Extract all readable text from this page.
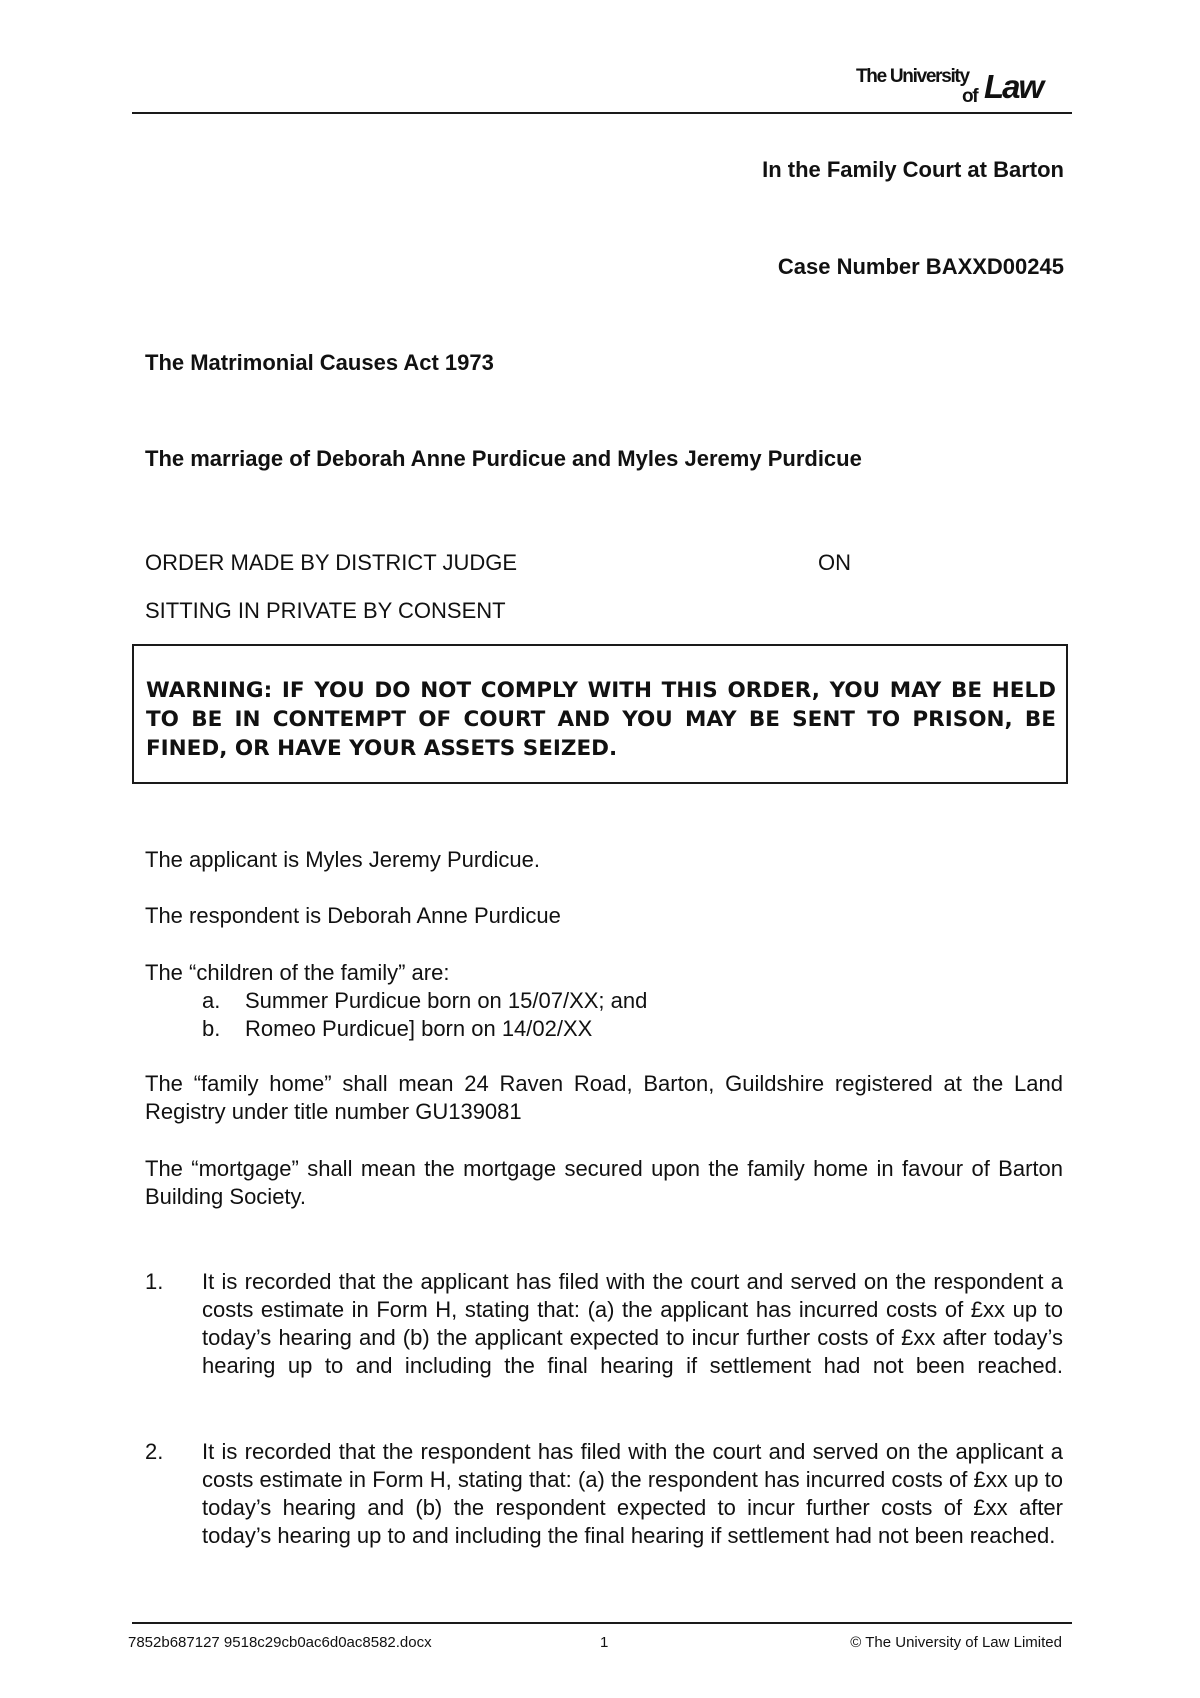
The University
of Law

In the Family Court at Barton

Case Number BAXXD00245

The Matrimonial Causes Act 1973

The marriage of Deborah Anne Purdicue and Myles Jeremy Purdicue

ORDER MADE BY DISTRICT JUDGE	ON

SITTING IN PRIVATE BY CONSENT

WARNING: IF YOU DO NOT COMPLY WITH THIS ORDER, YOU MAY BE HELD TO BE IN CONTEMPT OF COURT AND YOU MAY BE SENT TO PRISON, BE FINED, OR HAVE YOUR ASSETS SEIZED.

The applicant is Myles Jeremy Purdicue.

The respondent is Deborah Anne Purdicue

The “children of the family” are:

a. Summer Purdicue born on 15/07/XX; and

b. Romeo Purdicue] born on 14/02/XX

The “family home” shall mean 24 Raven Road, Barton, Guildshire registered at the Land Registry under title number GU139081

The “mortgage” shall mean the mortgage secured upon the family home in favour of Barton Building Society.

1. It is recorded that the applicant has filed with the court and served on the respondent a costs estimate in Form H, stating that: (a) the applicant has incurred costs of £xx up to today’s hearing and (b) the applicant expected to incur further costs of £xx after today’s hearing up to and including the final hearing if settlement had not been reached.

2. It is recorded that the respondent has filed with the court and served on the applicant a costs estimate in Form H, stating that: (a) the respondent has incurred costs of £xx up to today’s hearing and (b) the respondent expected to incur further costs of £xx after today’s hearing up to and including the final hearing if settlement had not been reached.

7852b687127 9518c29cb0ac6d0ac8582.docx	1	© The University of Law Limited
